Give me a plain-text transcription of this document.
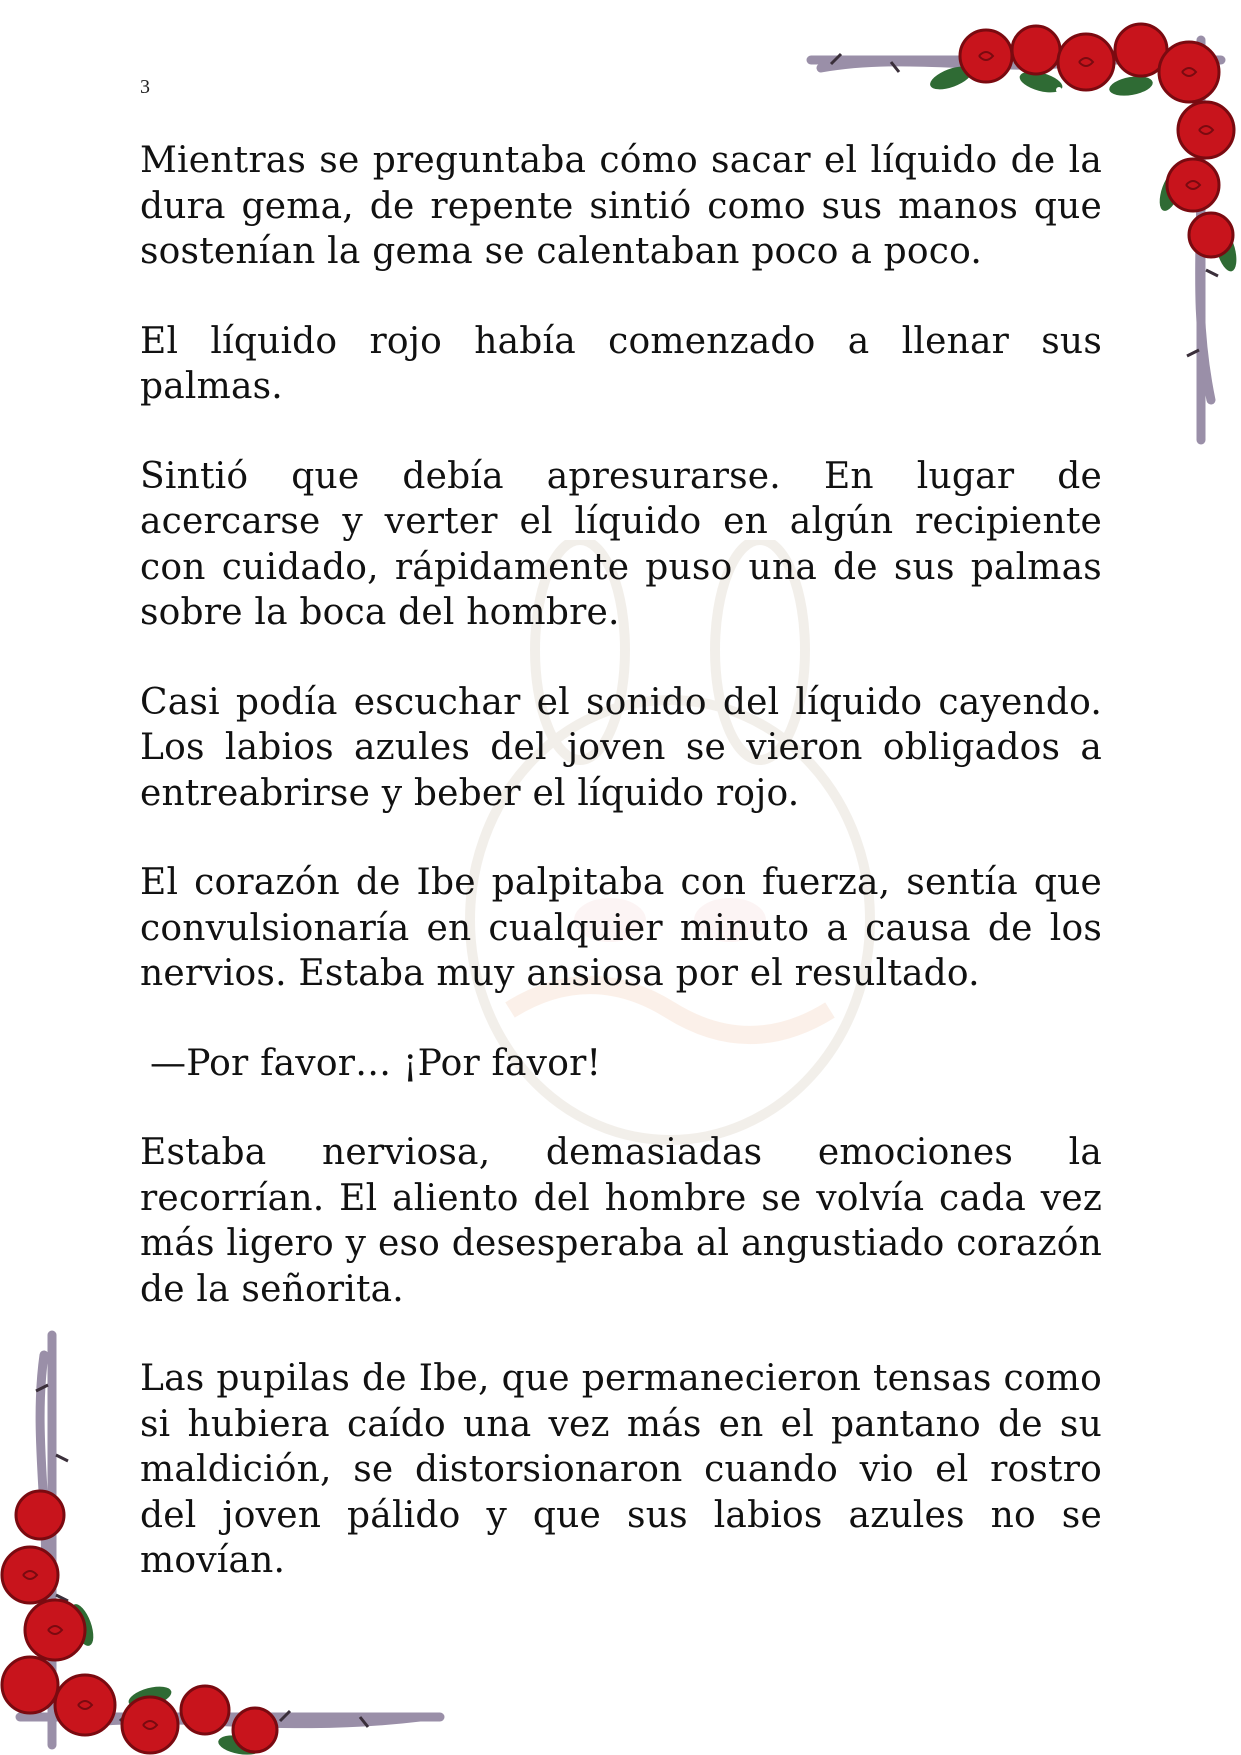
3

Mientras se preguntaba cómo sacar el líquido de la dura gema, de repente sintió como sus manos que sostenían la gema se calentaban poco a poco.

El líquido rojo había comenzado a llenar sus palmas.

Sintió que debía apresurarse. En lugar de acercarse y verter el líquido en algún recipiente con cuidado, rápidamente puso una de sus palmas sobre la boca del hombre.

Casi podía escuchar el sonido del líquido cayendo. Los labios azules del joven se vieron obligados a entreabrirse y beber el líquido rojo.

El corazón de Ibe palpitaba con fuerza, sentía que convulsionaría en cualquier minuto a causa de los nervios. Estaba muy ansiosa por el resultado.

—Por favor… ¡Por favor!

Estaba nerviosa, demasiadas emociones la recorrían. El aliento del hombre se volvía cada vez más ligero y eso desesperaba al angustiado corazón de la señorita.

Las pupilas de Ibe, que permanecieron tensas como si hubiera caído una vez más en el pantano de su maldición, se distorsionaron cuando vio el rostro del joven pálido y que sus labios azules no se movían.
